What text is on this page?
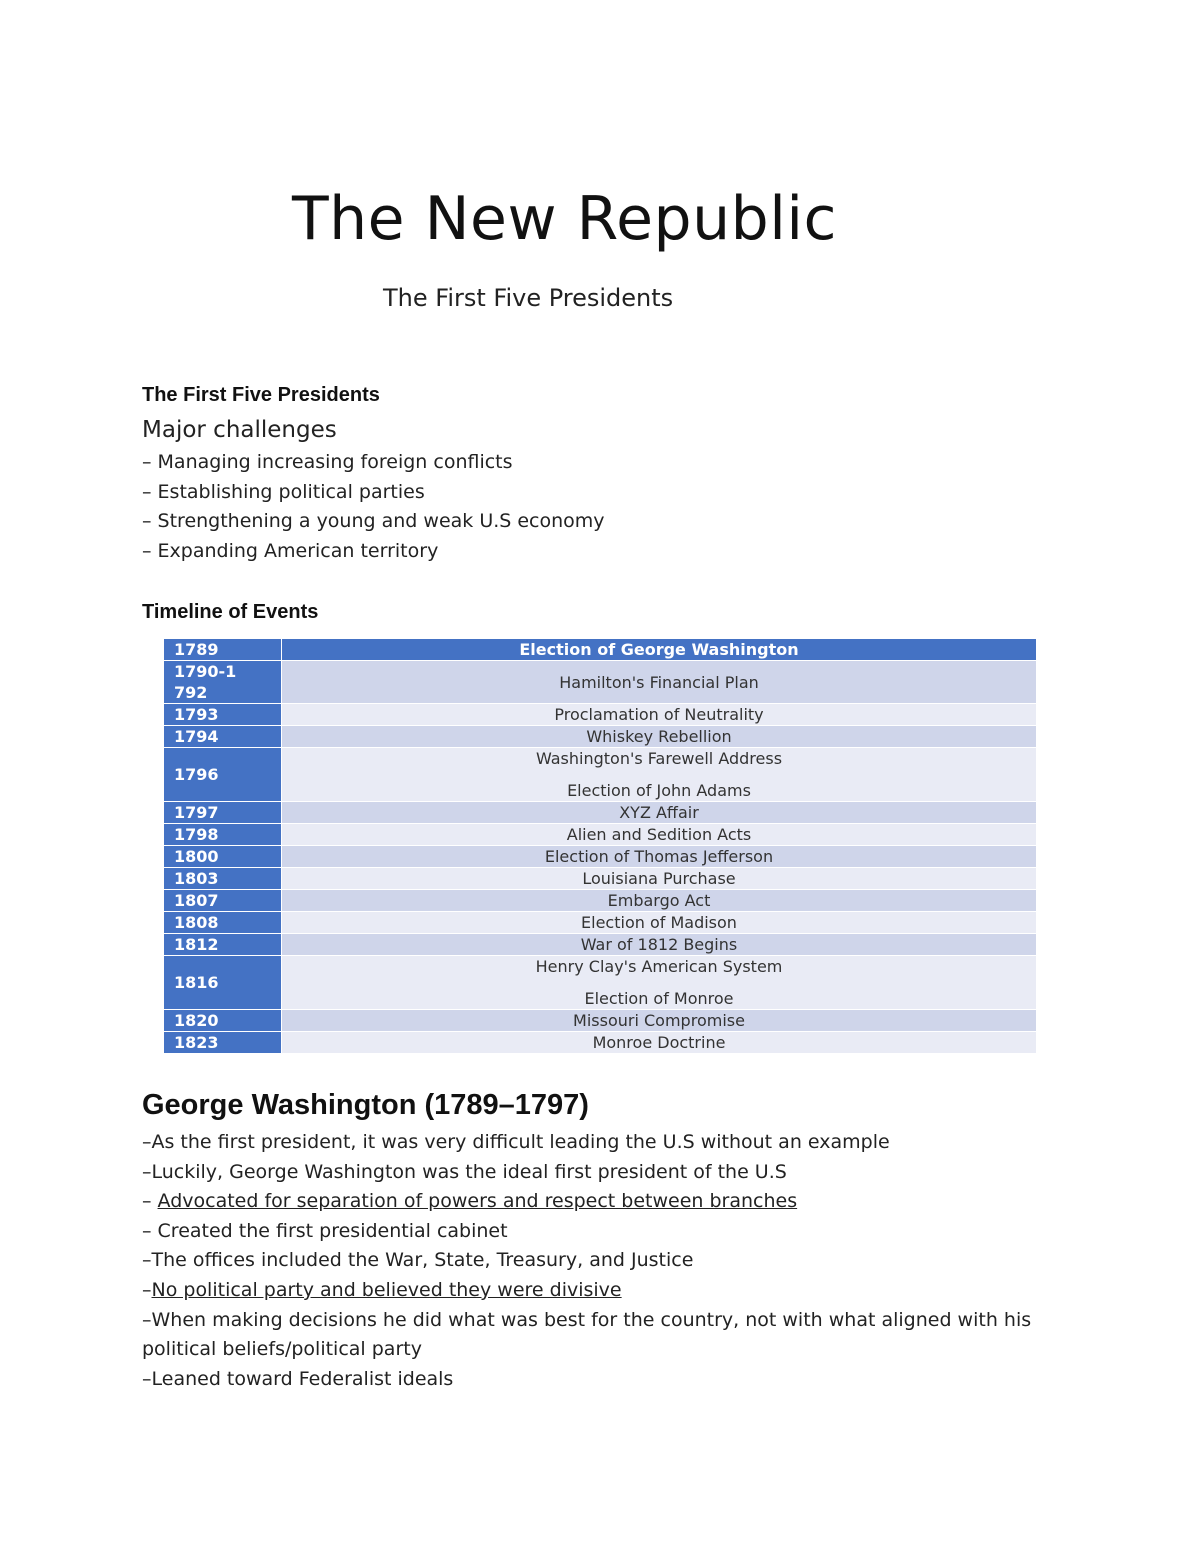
The New Republic
The First Five Presidents
The First Five Presidents
Major challenges
– Managing increasing foreign conflicts
– Establishing political parties
– Strengthening a young and weak U.S economy
– Expanding American territory
Timeline of Events
1789	Election of George Washington

1790-1792	Hamilton's Financial Plan

1793	Proclamation of Neutrality

1794	Whiskey Rebellion

1796	Washington's Farewell Address
Election of John Adams

1797	XYZ Affair

1798	Alien and Sedition Acts

1800	Election of Thomas Jefferson

1803	Louisiana Purchase

1807	Embargo Act

1808	Election of Madison

1812	War of 1812 Begins

1816	Henry Clay's American System
Election of Monroe

1820	Missouri Compromise

1823	Monroe Doctrine
George Washington (1789–1797)
–As the first president, it was very difficult leading the U.S without an example
–Luckily, George Washington was the ideal first president of the U.S
– Advocated for separation of powers and respect between branches
– Created the first presidential cabinet
–The offices included the War, State, Treasury, and Justice
–No political party and believed they were divisive
–When making decisions he did what was best for the country, not with what aligned with his political beliefs/political party
–Leaned toward Federalist ideals
